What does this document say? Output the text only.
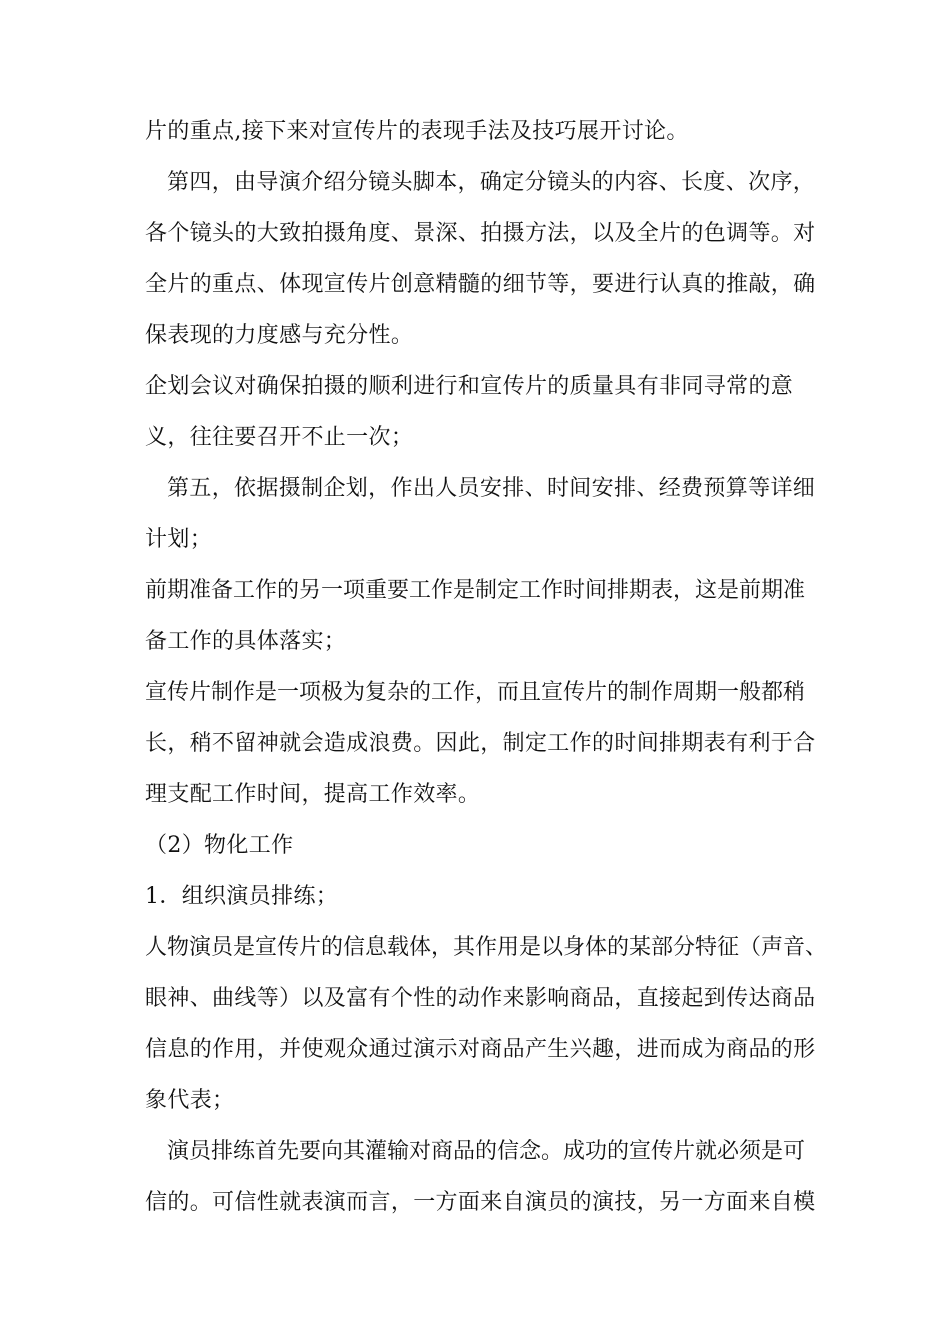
片的重点,接下来对宣传片的表现手法及技巧展开讨论。
第四，由导演介绍分镜头脚本，确定分镜头的内容、长度、次序，
各个镜头的大致拍摄角度、景深、拍摄方法，以及全片的色调等。对
全片的重点、体现宣传片创意精髓的细节等，要进行认真的推敲，确
保表现的力度感与充分性。
企划会议对确保拍摄的顺利进行和宣传片的质量具有非同寻常的意
义，往往要召开不止一次；
第五，依据摄制企划，作出人员安排、时间安排、经费预算等详细
计划；
前期准备工作的另一项重要工作是制定工作时间排期表，这是前期准
备工作的具体落实；
宣传片制作是一项极为复杂的工作，而且宣传片的制作周期一般都稍
长，稍不留神就会造成浪费。因此，制定工作的时间排期表有利于合
理支配工作时间，提高工作效率。
（2）物化工作
1．组织演员排练；
人物演员是宣传片的信息载体，其作用是以身体的某部分特征（声音、
眼神、曲线等）以及富有个性的动作来影响商品，直接起到传达商品
信息的作用，并使观众通过演示对商品产生兴趣，进而成为商品的形
象代表；
演员排练首先要向其灌输对商品的信念。成功的宣传片就必须是可
信的。可信性就表演而言，一方面来自演员的演技，另一方面来自模
